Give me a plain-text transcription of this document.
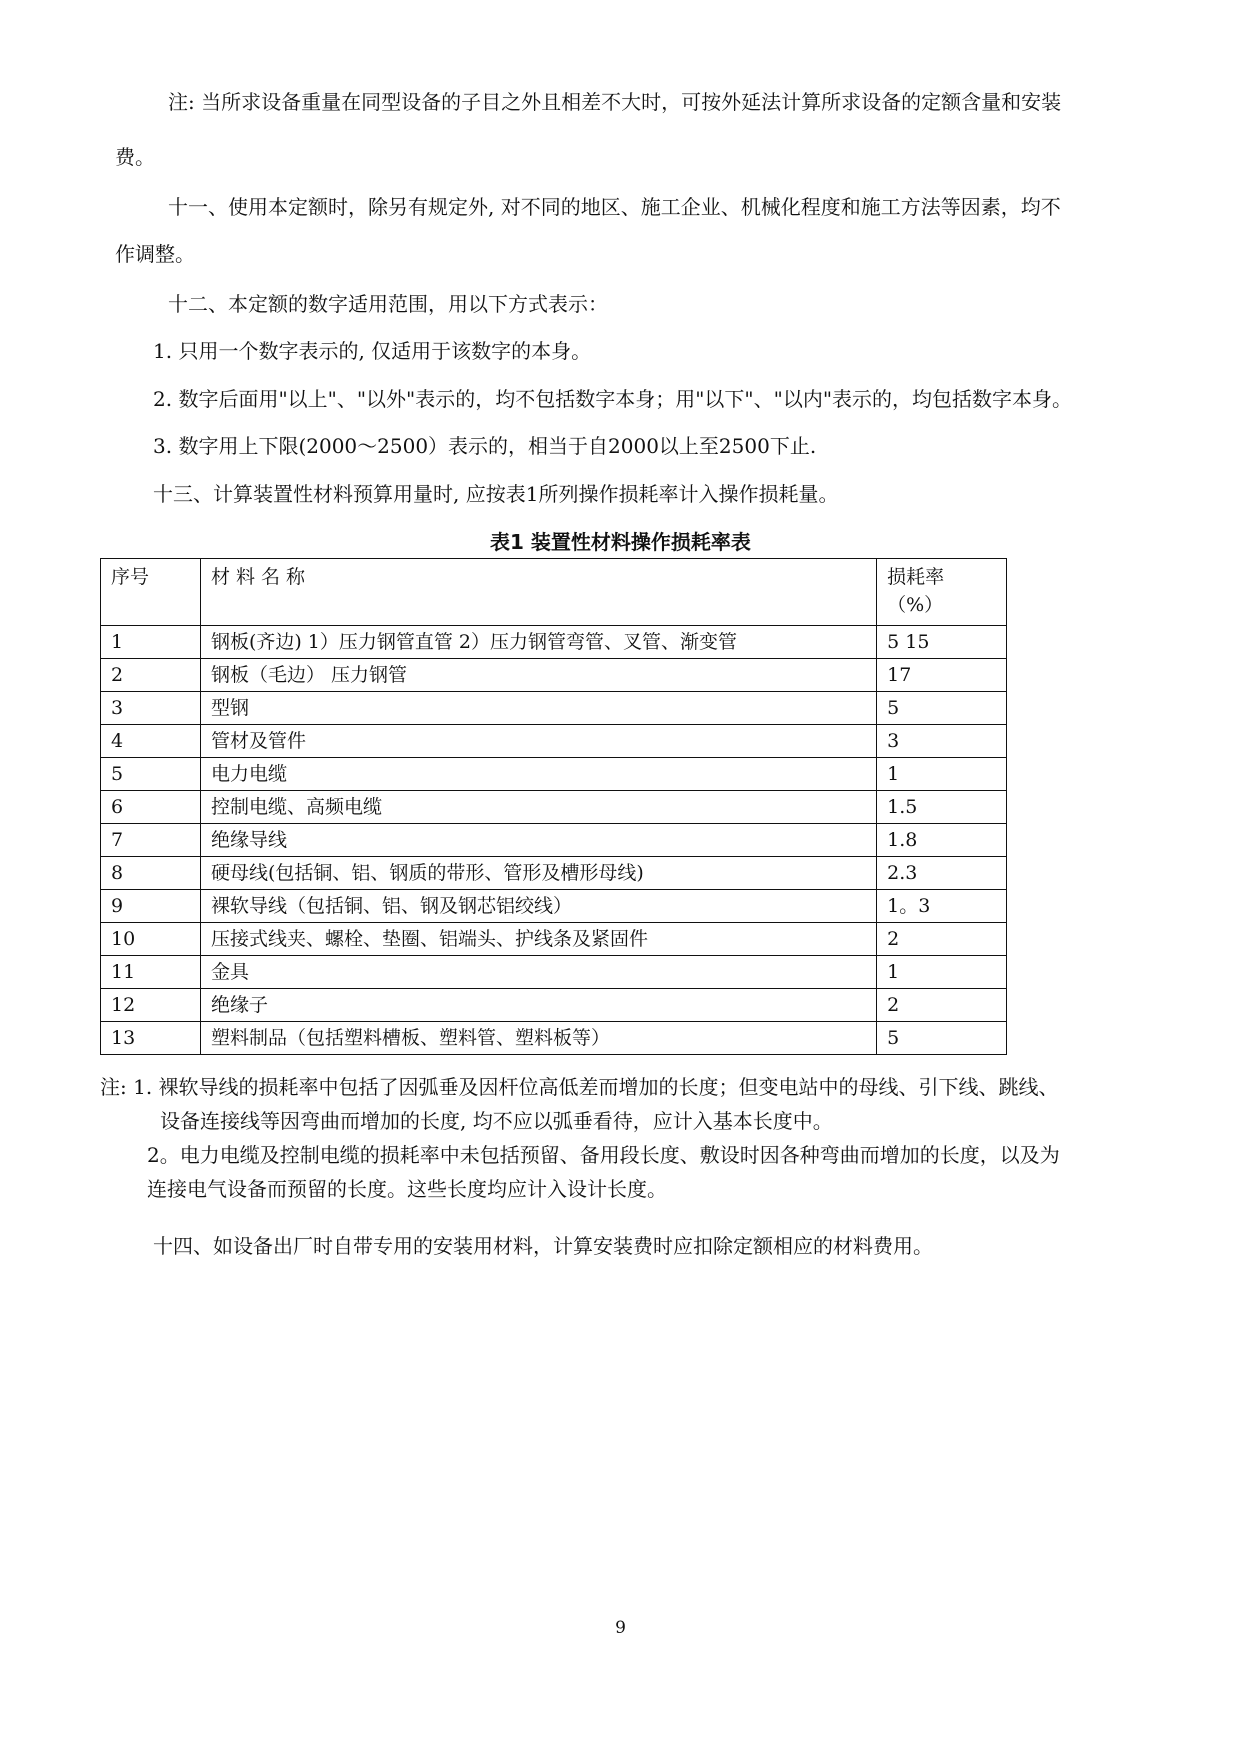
注: 当所求设备重量在同型设备的子目之外且相差不大时，可按外延法计算所求设备的定额含量和安装
费。
十一、使用本定额时，除另有规定外, 对不同的地区、施工企业、机械化程度和施工方法等因素，均不
作调整。
十二、本定额的数字适用范围，用以下方式表示：
1. 只用一个数字表示的, 仅适用于该数字的本身。
2. 数字后面用"以上"、"以外"表示的，均不包括数字本身；用"以下"、"以内"表示的，均包括数字本身。
3. 数字用上下限(2000～2500）表示的，相当于自2000以上至2500下止.
十三、计算装置性材料预算用量时, 应按表1所列操作损耗率计入操作损耗量。
表1 装置性材料操作损耗率表
序号	材 料 名 称	损耗率
（%）

1	钢板(齐边) 1）压力钢管直管 2）压力钢管弯管、叉管、渐变管	5 15
2	钢板（毛边） 压力钢管	17
3	型钢	5
4	管材及管件	3
5	电力电缆	1
6	控制电缆、高频电缆	1.5
7	绝缘导线	1.8
8	硬母线(包括铜、铝、钢质的带形、管形及槽形母线)	2.3
9	裸软导线（包括铜、铝、钢及钢芯铝绞线）	1。3
10	压接式线夹、螺栓、垫圈、铝端头、护线条及紧固件	2
11	金具	1
12	绝缘子	2
13	塑料制品（包括塑料槽板、塑料管、塑料板等）	5
注: 1. 裸软导线的损耗率中包括了因弧垂及因杆位高低差而增加的长度；但变电站中的母线、引下线、跳线、
设备连接线等因弯曲而增加的长度, 均不应以弧垂看待，应计入基本长度中。
2。电力电缆及控制电缆的损耗率中未包括预留、备用段长度、敷设时因各种弯曲而增加的长度，以及为
连接电气设备而预留的长度。这些长度均应计入设计长度。
十四、如设备出厂时自带专用的安装用材料，计算安装费时应扣除定额相应的材料费用。
9
